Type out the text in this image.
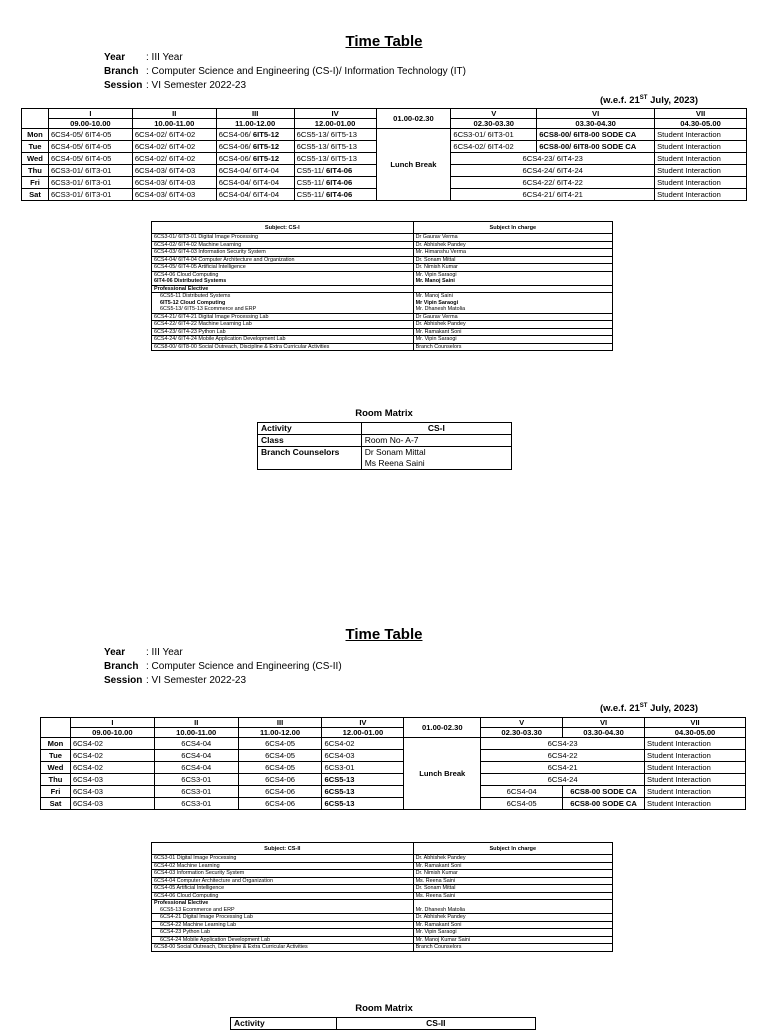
Time Table
Year	: III Year
Branch : Computer Science and Engineering (CS-I)/ Information Technology (IT)
Session : VI Semester 2022-23
(w.e.f. 21ST July, 2023)
	I	II	III	IV	01.00-02.30	V	VI	VII
	09.00-10.00	10.00-11.00	11.00-12.00	12.00-01.00		02.30-03.30	03.30-04.30	04.30-05.00
Mon	6CS4-05/ 6IT4-05	6CS4-02/ 6IT4-02	6CS4-06/ 6IT5-12	6CS5-13/ 6IT5-13	Lunch Break	6CS3-01/ 6IT3-01	6CS8-00/ 6IT8-00 SODE CA	Student Interaction
Tue	6CS4-05/ 6IT4-05	6CS4-02/ 6IT4-02	6CS4-06/ 6IT5-12	6CS5-13/ 6IT5-13		6CS4-02/ 6IT4-02	6CS8-00/ 6IT8-00 SODE CA	Student Interaction
Wed	6CS4-05/ 6IT4-05	6CS4-02/ 6IT4-02	6CS4-06/ 6IT5-12	6CS5-13/ 6IT5-13		6CS4-23/ 6IT4-23		Student Interaction
Thu	6CS3-01/ 6IT3-01	6CS4-03/ 6IT4-03	6CS4-04/ 6IT4-04	CS5-11/ 6IT4-06		6CS4-24/ 6IT4-24		Student Interaction
Fri	6CS3-01/ 6IT3-01	6CS4-03/ 6IT4-03	6CS4-04/ 6IT4-04	CS5-11/ 6IT4-06		6CS4-22/ 6IT4-22		Student Interaction
Sat	6CS3-01/ 6IT3-01	6CS4-03/ 6IT4-03	6CS4-04/ 6IT4-04	CS5-11/ 6IT4-06		6CS4-21/ 6IT4-21		Student Interaction
Subject: CS-I	Subject In charge
6CS3-01/ 6IT3-01 Digital Image Processing	Dr Gaurav Verma
6CS4-02/ 6IT4-02 Machine Learning	Dr. Abhishek Pandey
6CS4-03/ 6IT4-03 Information Security System	Mr. Himanshu Verma
6CS4-04/ 6IT4-04 Computer Architecture and Organization	Dr. Sonam Mittal
6CS4-05/ 6IT4-05 Artificial Intelligence	Dr. Nimish Kumar
6CS4-06 Cloud Computing	Mr. Vipin Saraogi
6IT4-06 Distributed Systems	Mr. Manoj Saini
Professional Elective	
6CS5-11 Distributed Systems	Mr. Manoj Saini
6IT5-12 Cloud Computing	Mr Vipin Saraogi
6CS5-13/ 6IT5-13 Ecommerce and ERP	Mr. Dhanesh Matolia
6CS4-21/ 6IT4-21 Digital Image Processing Lab	Dr Gaurav Verma
6CS4-22/ 6IT4-22 Machine Learning Lab	Dr. Abhishek Pandey
6CS4-23/ 6IT4-23 Python Lab	Mr. Ramakant Soni
6CS4-24/ 6IT4-24 Mobile Application Development Lab	Mr. Vipin Saraogi
6CS8-00/ 6IT8-00 Social Outreach, Discipline & Extra Curricular Activities	Branch Counselors
Room Matrix
Activity	CS-I
Class	Room No- A-7
Branch Counselors	Dr Sonam Mittal
	Ms Reena Saini
Time Table
Year	: III Year
Branch : Computer Science and Engineering (CS-II)
Session : VI Semester 2022-23
(w.e.f. 21ST July, 2023)
	I	II	III	IV	01.00-02.30	V	VI	VII
	09.00-10.00	10.00-11.00	11.00-12.00	12.00-01.00		02.30-03.30	03.30-04.30	04.30-05.00
Mon	6CS4-02	6CS4-04	6CS4-05	6CS4-02	Lunch Break	6CS4-23		Student Interaction
Tue	6CS4-02	6CS4-04	6CS4-05	6CS4-03		6CS4-22		Student Interaction
Wed	6CS4-02	6CS4-04	6CS4-05	6CS3-01		6CS4-21		Student Interaction
Thu	6CS4-03	6CS3-01	6CS4-06	6CS5-13		6CS4-24		Student Interaction
Fri	6CS4-03	6CS3-01	6CS4-06	6CS5-13		6CS4-04	6CS8-00 SODE CA	Student Interaction
Sat	6CS4-03	6CS3-01	6CS4-06	6CS5-13		6CS4-05	6CS8-00 SODE CA	Student Interaction
Subject: CS-II	Subject In charge
6CS3-01 Digital Image Processing	Dr. Abhishek Pandey
6CS4-02 Machine Learning	Mr. Ramakant Soni
6CS4-03 Information Security System	Dr. Nimish Kumar
6CS4-04 Computer Architecture and Organization	Ms. Reena Saini
6CS4-05 Artificial Intelligence	Dr. Sonam Mittal
6CS4-06 Cloud Computing	Ms. Reena Saini
Professional Elective	
6CS5-13 Ecommerce and ERP	Mr. Dhanesh Matolia
6CS4-21 Digital Image Processing Lab	Dr. Abhishek Pandey
6CS4-22 Machine Learning Lab	Mr. Ramakant Soni
6CS4-23 Python Lab	Mr. Vipin Saraogi
6CS4-24 Mobile Application Development Lab	Mr. Manoj Kumar Saini
6CS8-00 Social Outreach, Discipline & Extra Curricular Activities	Branch Counselors
Room Matrix
Activity	CS-II
